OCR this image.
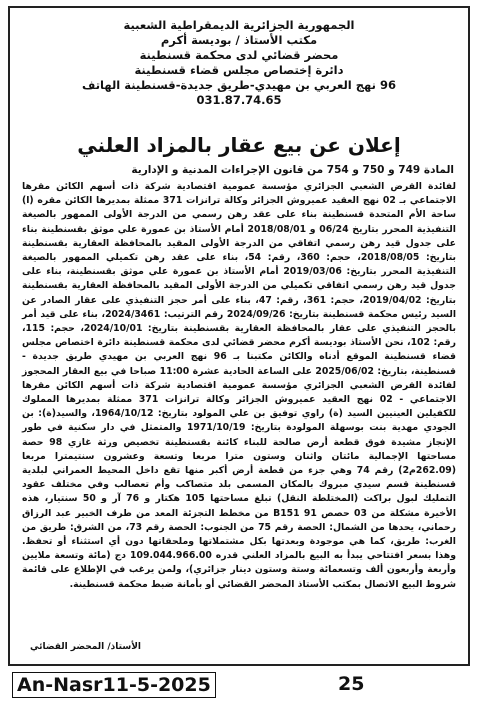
الجمهورية الجزائرية الديمقراطية الشعبية
مكتب الأستاذ / بوديسة أكرم
محضر قضائي لدى محكمة قسنطينة
دائرة إختصاص مجلس قضاء قسنطينة
96 نهج العربي بن مهيدي-طريق جديدة-قسنطينة الهاتف
031.87.74.65
إعلان عن بيع عقار بالمزاد العلني
المادة 749 و 750 و 754 من قانون الإجراءات المدنية و الإدارية

لفائدة القرض الشعبي الجزائري مؤسسة عمومية اقتصادية شركة ذات أسهم الكائن مقرها الاجتماعي بـ 02 نهج العقيد عميروش الجزائر وكالة ترانزات 371 ممثلة بمديرها الكائن مقره (ا) ساحة الأم المتحدة قسنطينة بناء على عقد رهن رسمي من الدرجة الأولى الممهور بالصيغة التنفيذية المحرر بتاريخ 06/24 و 2018/08/01 أمام الأستاذ بن عمورة علي موثق بقسنطينة بناء على جدول قيد رهن رسمي اتفاقي من الدرجة الأولى المقيد بالمحافظة العقارية بقسنطينة بتاريخ: 2018/08/05، حجم: 360، رقم: 54، بناء على عقد رهن تكميلي الممهور بالصيغة التنفيذية المحرر بتاريخ: 2019/03/06 أمام الأستاذ بن عمورة علي موثق بقسنطينة، بناء على جدول قيد رهن رسمي اتفاقي تكميلي من الدرجة الأولى المقيد بالمحافظة العقارية بقسنطينة بتاريخ: 2019/04/02، حجم: 361، رقم: 47، بناء على أمر حجز التنفيذي على عقار الصادر عن السيد رئيس محكمة قسنطينة بتاريخ: 2024/09/26 رقم الترتيب: 2024/3461، بناء على قيد أمر بالحجز التنفيذي على عقار بالمحافظة العقارية بقسنطينة بتاريخ: 2024/10/01، حجم: 115، رقم: 102، نحن الأستاذ بوديسة أكرم محضر قضائي لدى محكمة قسنطينة دائرة اختصاص مجلس قضاء قسنطينة الموقع أدناه والكائن مكتبنا بـ 96 نهج العربي بن مهيدي طريق جديدة - قسنطينة، بتاريخ: 2025/06/02 على الساعة الحادية عشرة 11:00 صباحا في بيع العقار المحجوز لفائدة القرض الشعبي الجزائري مؤسسة عمومية اقتصادية شركة ذات أسهم الكائن مقرها الاجتماعي - 02 نهج العقيد عميروش الجزائر وكالة ترانزات 371 ممثلة بمديرها المملوك للكفيلين العينيين السيد (ة) راوي توفيق بن علي المولود بتاريخ: 1964/10/12، والسيد(ة): بن الجودي مهدية بنت بوسهلة المولودة بتاريخ: 1971/10/19 والمتمثل في دار سكنية في طور الإنجاز مشيدة فوق قطعة أرض صالحة للبناء كائنة بقسنطينة تخصيص ورثة غازي 98 حصة مساحتها الإجمالية مائتان واثنان وستون مترا مربعا وتسعة وعشرون سنتيمترا مربعا (262.09م2) رقم 74 وهي جزء من قطعة أرض أكبر منها تقع داخل المحيط العمراني لبلدية قسنطينة قسم سيدي مبروك بالمكان المسمى بلد متصاكب وأم تعصالب وفي مختلف عقود التمليك لبول براكت (المختلطة النقل) تبلغ مساحتها 105 هكتار و 76 آر و 50 سنتيار، هذه الأخيرة مشكلة من 03 حصص B151 91 من مخطط التجزئة المعد من طرف الخبير عبد الرزاق رحماني، يحدها من الشمال: الحصة رقم 75 من الجنوب: الحصة رقم 73، من الشرق: طريق من الغرب: طريق، كما هي موجودة وبعدتها بكل مشتملاتها وملحقاتها دون أي استثناء أو تحفظ. وهذا بسعر افتتاحي يبدأ به البيع بالمزاد العلني قدره 109.044.966.00 دج (مائة وتسعة ملايين وأربعة وأربعون ألف وتسعمائة وستة وستون دينار جزائري)، ولمن يرغب في الإطلاع على قائمة شروط البيع الاتصال بمكتب الأستاذ المحضر القضائي أو بأمانة ضبط محكمة قسنطينة.

الأستاذ/ المحضر القضائي
An-Nasr11-5-2025	25
